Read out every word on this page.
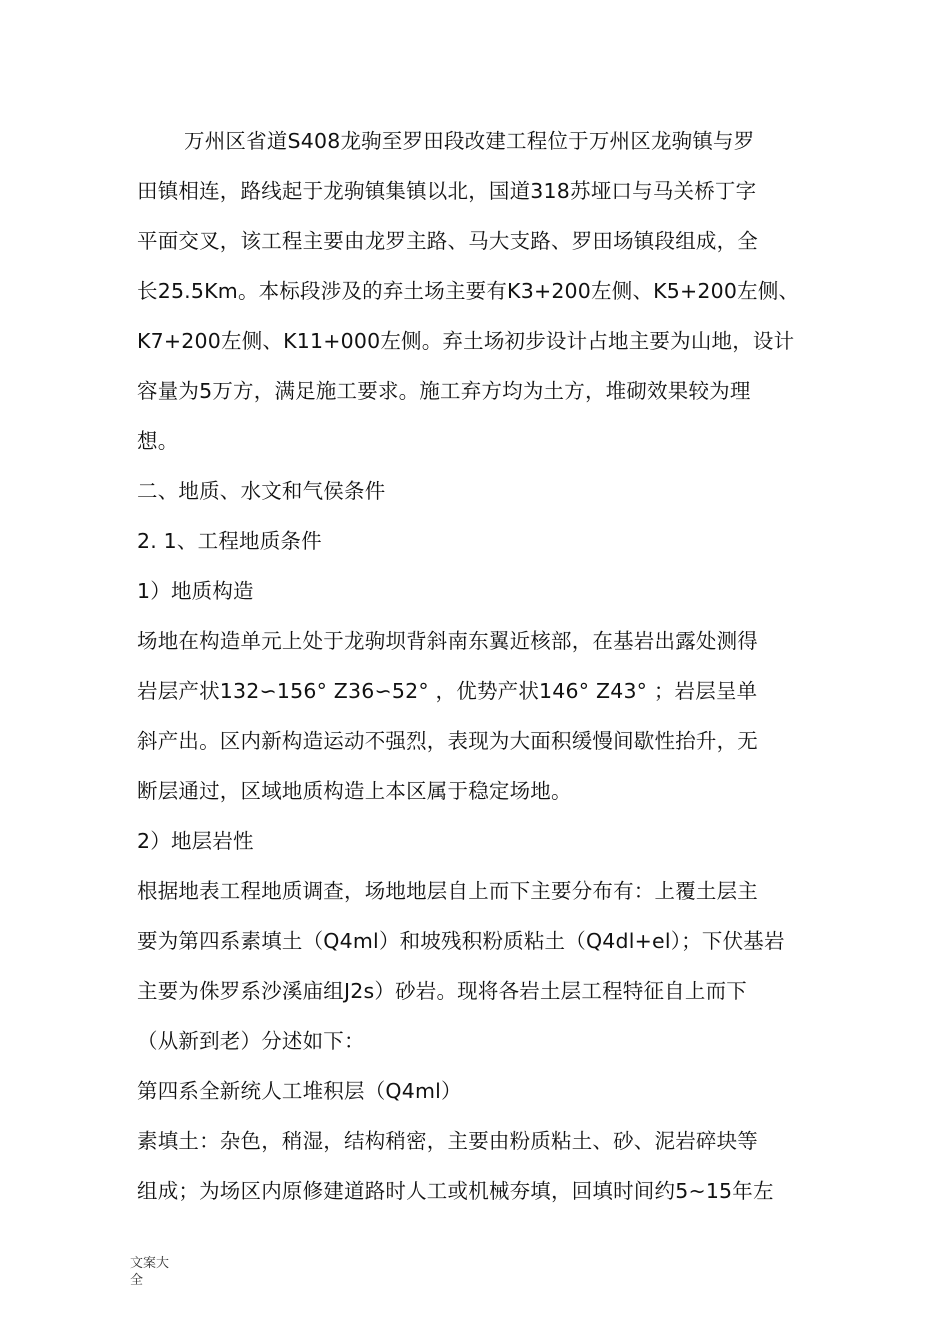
万州区省道S408龙驹至罗田段改建工程位于万州区龙驹镇与罗
田镇相连，路线起于龙驹镇集镇以北，国道318苏垭口与马关桥丁字
平面交叉，该工程主要由龙罗主路、马大支路、罗田场镇段组成，全
长25.5Km。本标段涉及的弃土场主要有K3+200左侧、K5+200左侧、
K7+200左侧、K11+000左侧。弃土场初步设计占地主要为山地，设计
容量为5万方，满足施工要求。施工弃方均为土方，堆砌效果较为理
想。
二、地质、水文和气侯条件
2. 1、工程地质条件
1）地质构造
场地在构造单元上处于龙驹坝背斜南东翼近核部，在基岩出露处测得
岩层产状132∽156° Z36∽52° ，优势产状146° Z43° ；岩层呈单
斜产出。区内新构造运动不强烈，表现为大面积缓慢间歇性抬升，无
断层通过，区域地质构造上本区属于稳定场地。
2）地层岩性
根据地表工程地质调查，场地地层自上而下主要分布有：上覆土层主
要为第四系素填土（Q4ml）和坡残积粉质粘土（Q4dl+el）；下伏基岩
主要为侏罗系沙溪庙组J2s）砂岩。现将各岩土层工程特征自上而下
（从新到老）分述如下：
第四系全新统人工堆积层（Q4ml）
素填土：杂色，稍湿，结构稍密，主要由粉质粘土、砂、泥岩碎块等
组成；为场区内原修建道路时人工或机械夯填，回填时间约5~15年左
文案大
全
